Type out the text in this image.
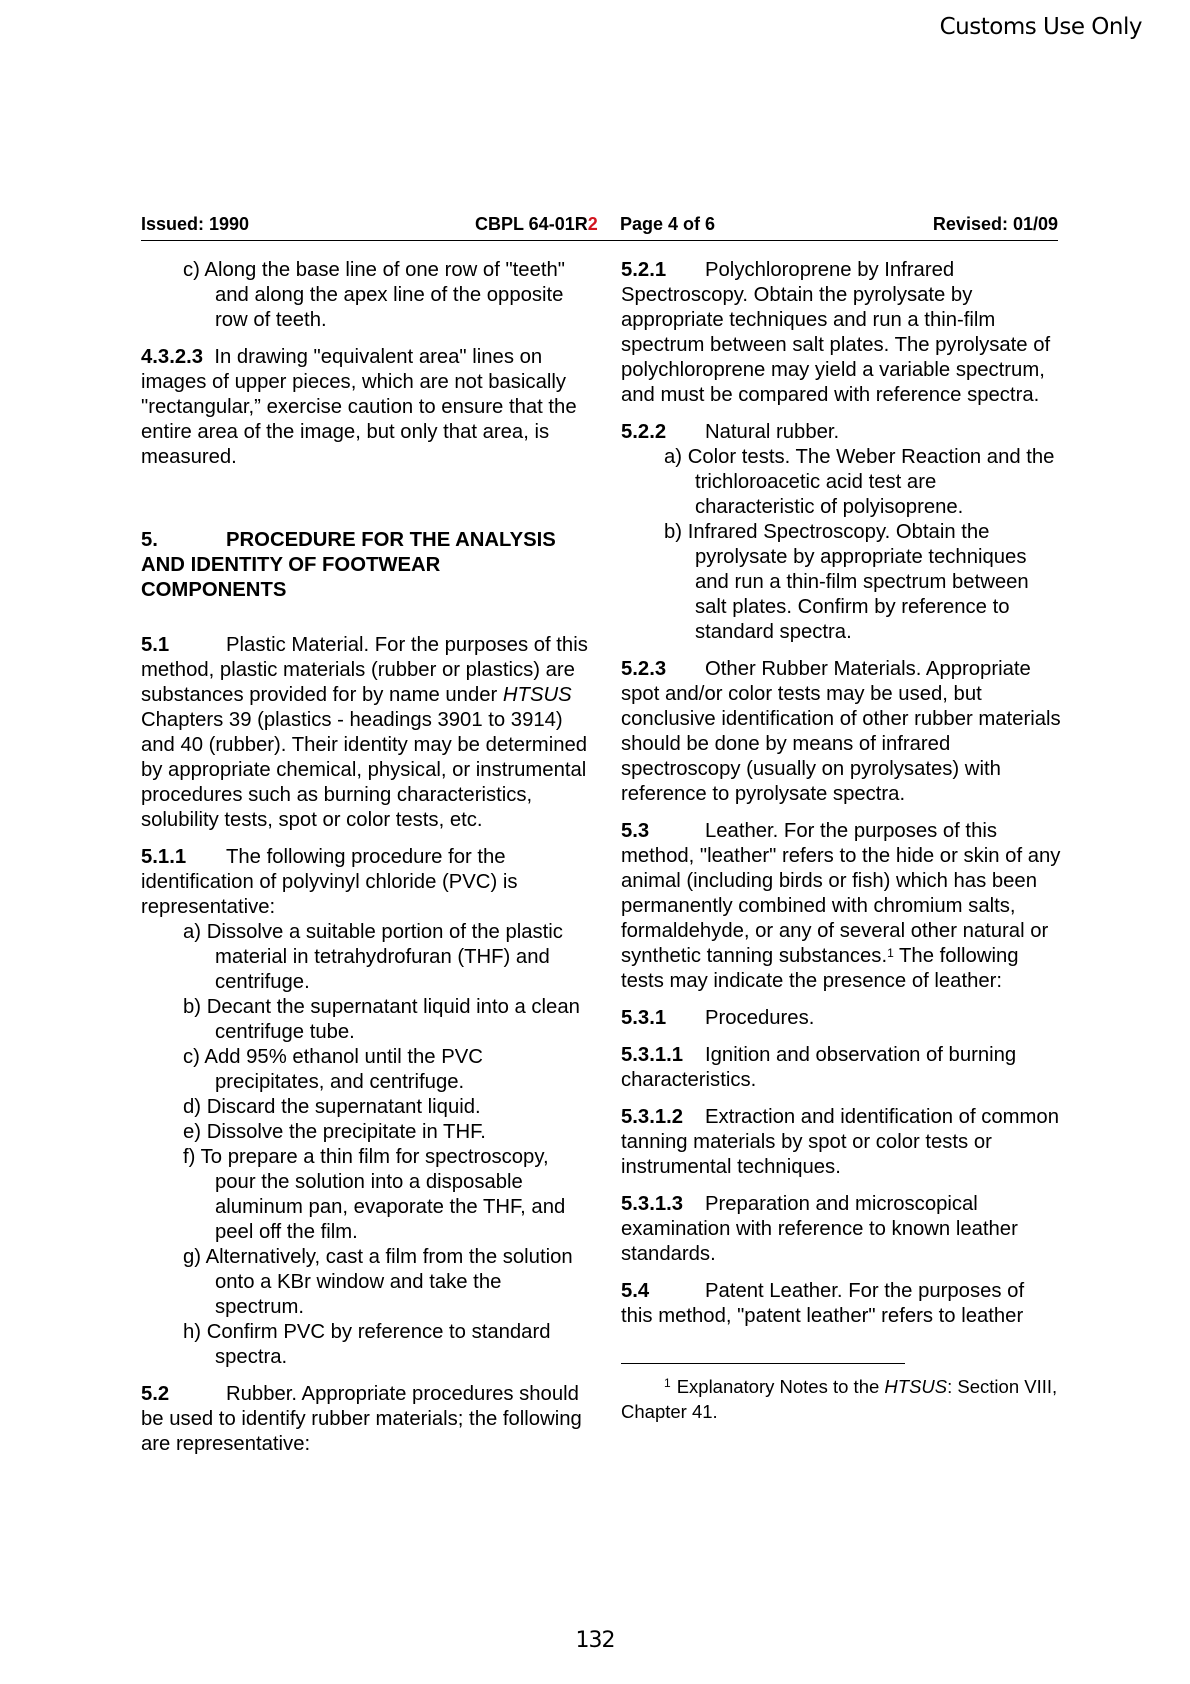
Customs Use Only
Issued: 1990	CBPL 64-01R2 Page 4 of 6	Revised: 01/09

c) Along the base line of one row of "teeth" and along the apex line of the opposite row of teeth.

4.3.2.3 In drawing "equivalent area" lines on images of upper pieces, which are not basically "rectangular,” exercise caution to ensure that the entire area of the image, but only that area, is measured.

5.	PROCEDURE FOR THE ANALYSIS AND IDENTITY OF FOOTWEAR COMPONENTS

5.1	Plastic Material. For the purposes of this method, plastic materials (rubber or plastics) are substances provided for by name under HTSUS Chapters 39 (plastics - headings 3901 to 3914) and 40 (rubber). Their identity may be determined by appropriate chemical, physical, or instrumental procedures such as burning characteristics, solubility tests, spot or color tests, etc.

5.1.1 The following procedure for the identification of polyvinyl chloride (PVC) is representative:

a) Dissolve a suitable portion of the plastic material in tetrahydrofuran (THF) and centrifuge.

b) Decant the supernatant liquid into a clean centrifuge tube.

c) Add 95% ethanol until the PVC precipitates, and centrifuge.

d) Discard the supernatant liquid.

e) Dissolve the precipitate in THF.

f) To prepare a thin film for spectroscopy, pour the solution into a disposable aluminum pan, evaporate the THF, and peel off the film.

g) Alternatively, cast a film from the solution onto a KBr window and take the spectrum.

h) Confirm PVC by reference to standard spectra.

5.2	Rubber. Appropriate procedures should be used to identify rubber materials; the following are representative:

5.2.1 Polychloroprene by Infrared Spectroscopy. Obtain the pyrolysate by appropriate techniques and run a thin-film spectrum between salt plates. The pyrolysate of polychloroprene may yield a variable spectrum, and must be compared with reference spectra.

5.2.2 Natural rubber.

a) Color tests. The Weber Reaction and the trichloroacetic acid test are characteristic of polyisoprene.

b) Infrared Spectroscopy. Obtain the pyrolysate by appropriate techniques and run a thin-film spectrum between salt plates. Confirm by reference to standard spectra.

5.2.3 Other Rubber Materials. Appropriate spot and/or color tests may be used, but conclusive identification of other rubber materials should be done by means of infrared spectroscopy (usually on pyrolysates) with reference to pyrolysate spectra.

5.3	Leather. For the purposes of this method, "leather" refers to the hide or skin of any animal (including birds or fish) which has been permanently combined with chromium salts, formaldehyde, or any of several other natural or synthetic tanning substances.$^1$ The following tests may indicate the presence of leather:

5.3.1 Procedures.

5.3.1.1 Ignition and observation of burning characteristics.

5.3.1.2 Extraction and identification of common tanning materials by spot or color tests or instrumental techniques.

5.3.1.3 Preparation and microscopical examination with reference to known leather standards.

5.4	Patent Leather. For the purposes of this method, "patent leather" refers to leather

$^1$ Explanatory Notes to the HTSUS: Section VIII, Chapter 41.
132
